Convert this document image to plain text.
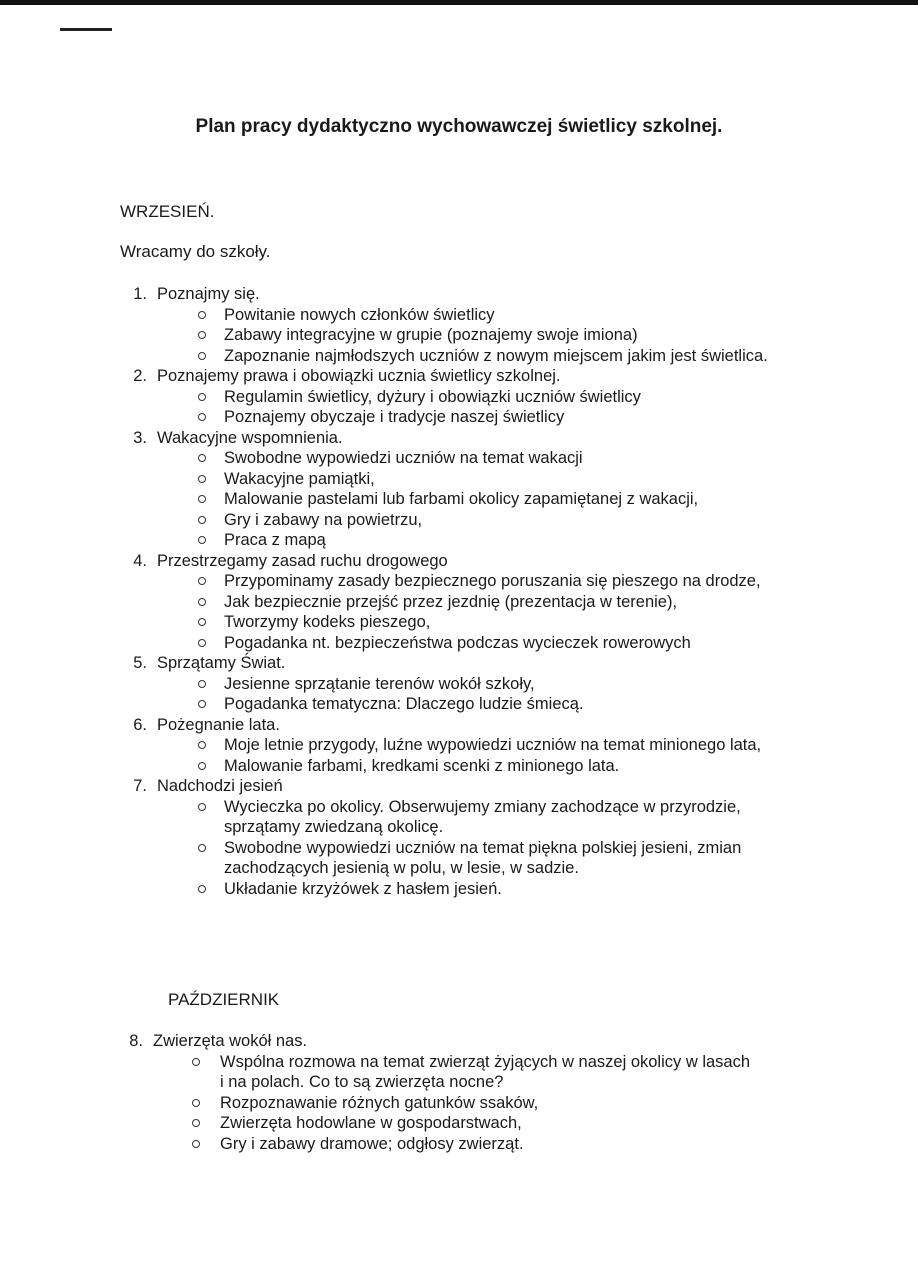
Plan pracy dydaktyczno wychowawczej świetlicy szkolnej.
WRZESIEŃ.

Wracamy do szkoły.

1. Poznajmy się.
Powitanie nowych członków świetlicy
Zabawy integracyjne w grupie (poznajemy swoje imiona)
Zapoznanie najmłodszych uczniów z nowym miejscem jakim jest świetlica.
2. Poznajemy prawa i obowiązki ucznia świetlicy szkolnej.
Regulamin świetlicy, dyżury i obowiązki uczniów świetlicy
Poznajemy obyczaje i tradycje naszej świetlicy
3. Wakacyjne wspomnienia.
Swobodne wypowiedzi uczniów na temat wakacji
Wakacyjne pamiątki,
Malowanie pastelami lub farbami okolicy zapamiętanej z wakacji,
Gry i zabawy na powietrzu,
Praca z mapą
4. Przestrzegamy zasad ruchu drogowego
Przypominamy zasady bezpiecznego poruszania się pieszego na drodze,
Jak bezpiecznie przejść przez jezdnię (prezentacja w terenie),
Tworzymy kodeks pieszego,
Pogadanka nt. bezpieczeństwa podczas wycieczek rowerowych
5. Sprzątamy Świat.
Jesienne sprzątanie terenów wokół szkoły,
Pogadanka tematyczna: Dlaczego ludzie śmiecą.
6. Pożegnanie lata.
Moje letnie przygody, luźne wypowiedzi uczniów na temat minionego lata,
Malowanie farbami, kredkami scenki z minionego lata.
7. Nadchodzi jesień
Wycieczka po okolicy. Obserwujemy zmiany zachodzące w przyrodzie, sprzątamy zwiedzaną okolicę.
Swobodne wypowiedzi uczniów na temat piękna polskiej jesieni, zmian zachodzących jesienią w polu, w lesie, w sadzie.
Układanie krzyżówek z hasłem jesień.
PAŹDZIERNIK
8. Zwierzęta wokół nas.
Wspólna rozmowa na temat zwierząt żyjących w naszej okolicy w lasach i na polach. Co to są zwierzęta nocne?
Rozpoznawanie różnych gatunków ssaków,
Zwierzęta hodowlane w gospodarstwach,
Gry i zabawy dramowe; odgłosy zwierząt.
